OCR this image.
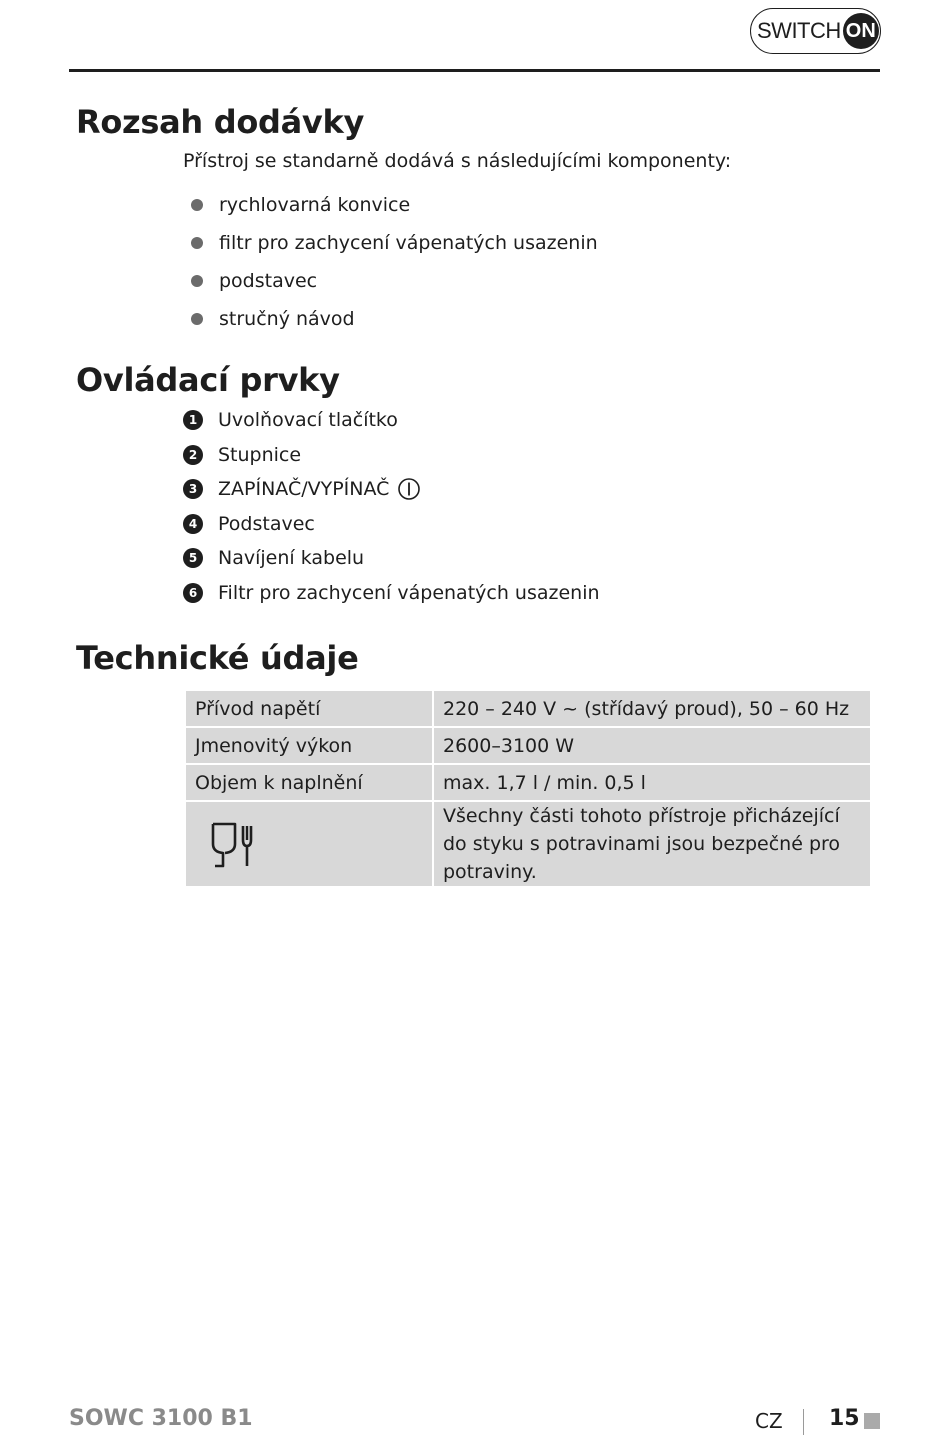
SWITCH ON
Rozsah dodávky
Přístroj se standarně dodává s následujícími komponenty:
rychlovarná konvice
filtr pro zachycení vápenatých usazenin
podstavec
stručný návod
Ovládací prvky
1	Uvolňovací tlačítko
2	Stupnice
3	ZAPÍNAČ/VYPÍNAČ
4	Podstavec
5	Navíjení kabelu
6	Filtr pro zachycení vápenatých usazenin
Technické údaje
Přívod napětí	220 – 240 V ~ (střídavý proud), 50 – 60 Hz
Jmenovitý výkon	2600–3100 W
Objem k naplnění	max. 1,7 l / min. 0,5 l

	Všechny části tohoto přístroje přicházející do styku s potravinami jsou bezpečné pro potraviny.
SOWC 3100 B1	CZ 15
